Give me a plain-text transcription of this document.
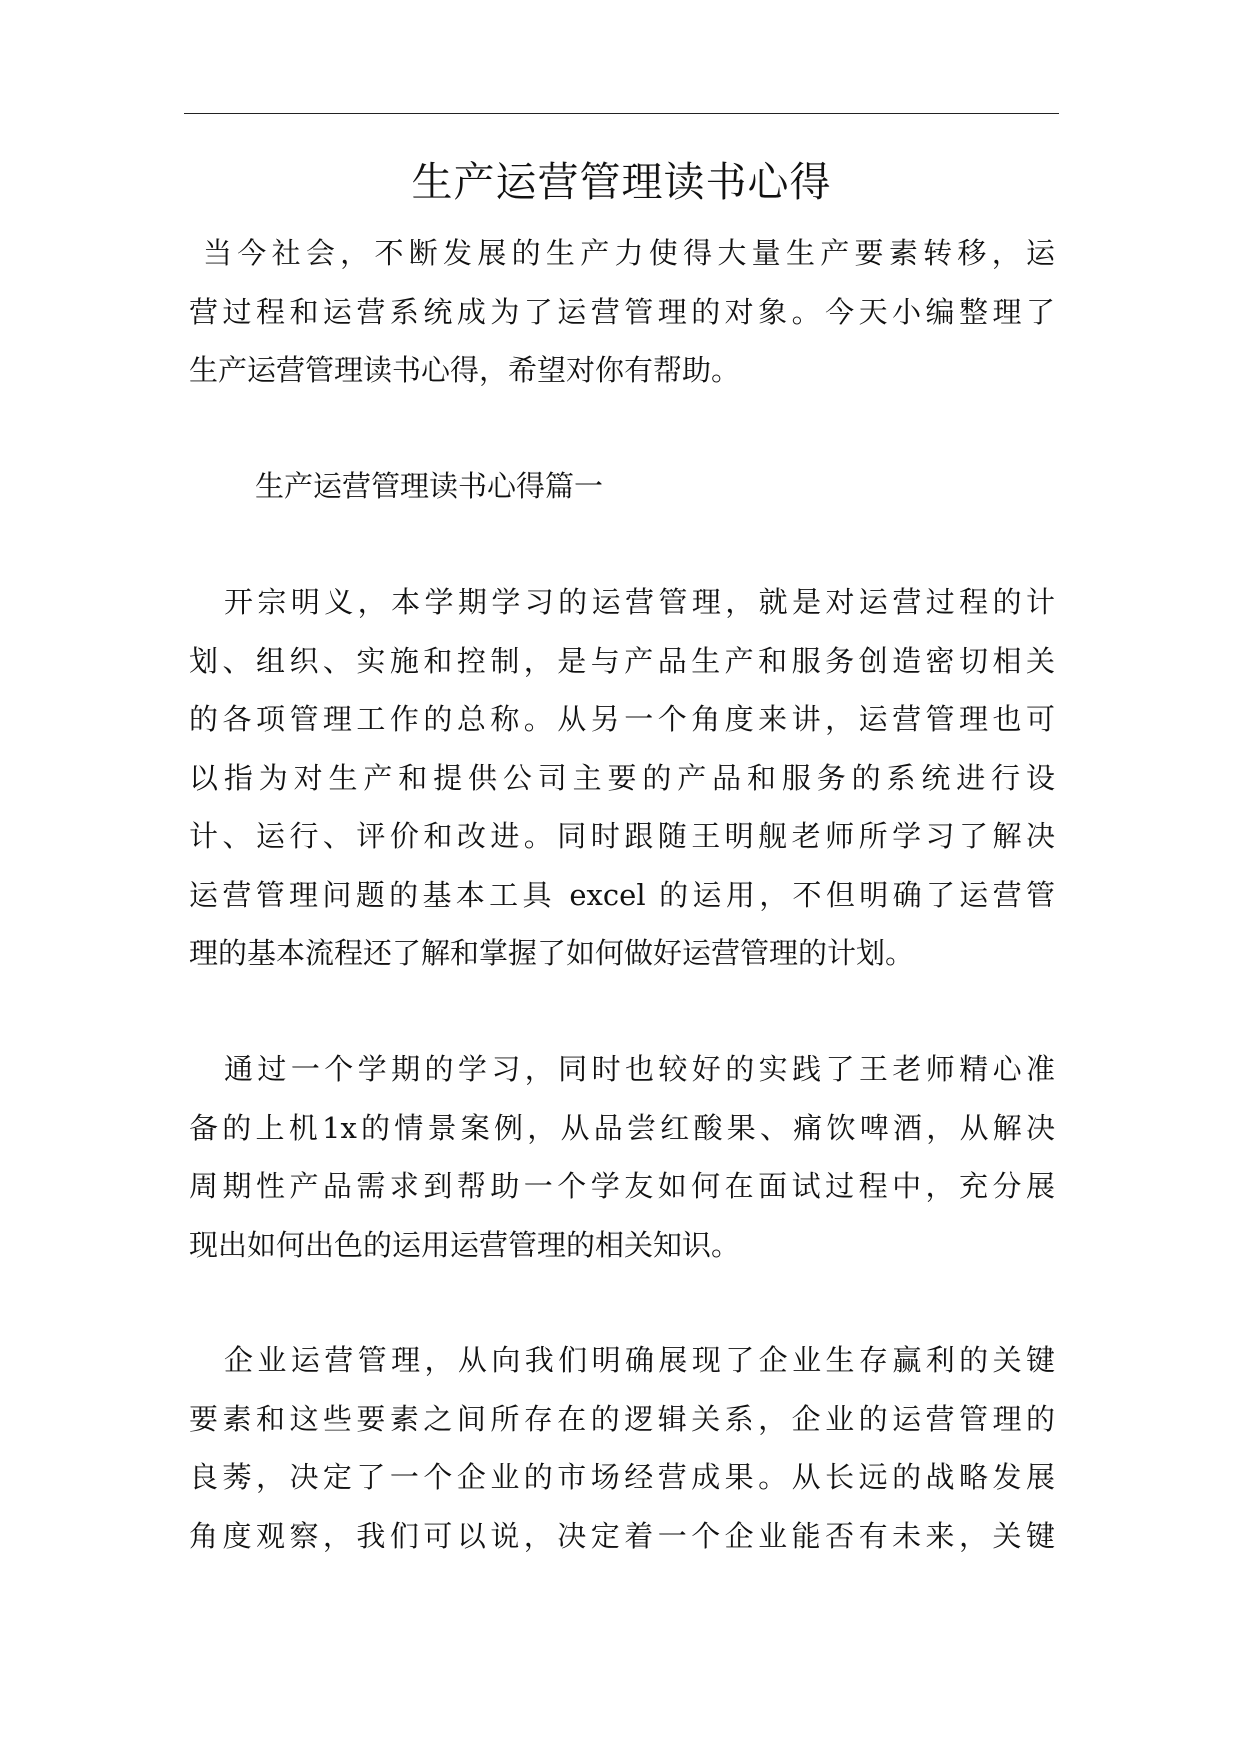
生产运营管理读书心得

当今社会，不断发展的生产力使得大量生产要素转移，运
营过程和运营系统成为了运营管理的对象。今天小编整理了
生产运营管理读书心得，希望对你有帮助。

生产运营管理读书心得篇一

开宗明义，本学期学习的运营管理，就是对运营过程的计
划、组织、实施和控制，是与产品生产和服务创造密切相关
的各项管理工作的总称。从另一个角度来讲，运营管理也可
以指为对生产和提供公司主要的产品和服务的系统进行设
计、运行、评价和改进。同时跟随王明舰老师所学习了解决
运营管理问题的基本工具 excel 的运用，不但明确了运营管
理的基本流程还了解和掌握了如何做好运营管理的计划。

通过一个学期的学习，同时也较好的实践了王老师精心准
备的上机1x的情景案例，从品尝红酸果、痛饮啤酒，从解决
周期性产品需求到帮助一个学友如何在面试过程中，充分展
现出如何出色的运用运营管理的相关知识。

企业运营管理，从向我们明确展现了企业生存赢利的关键
要素和这些要素之间所存在的逻辑关系，企业的运营管理的
良莠，决定了一个企业的市场经营成果。从长远的战略发展
角度观察，我们可以说，决定着一个企业能否有未来，关键
